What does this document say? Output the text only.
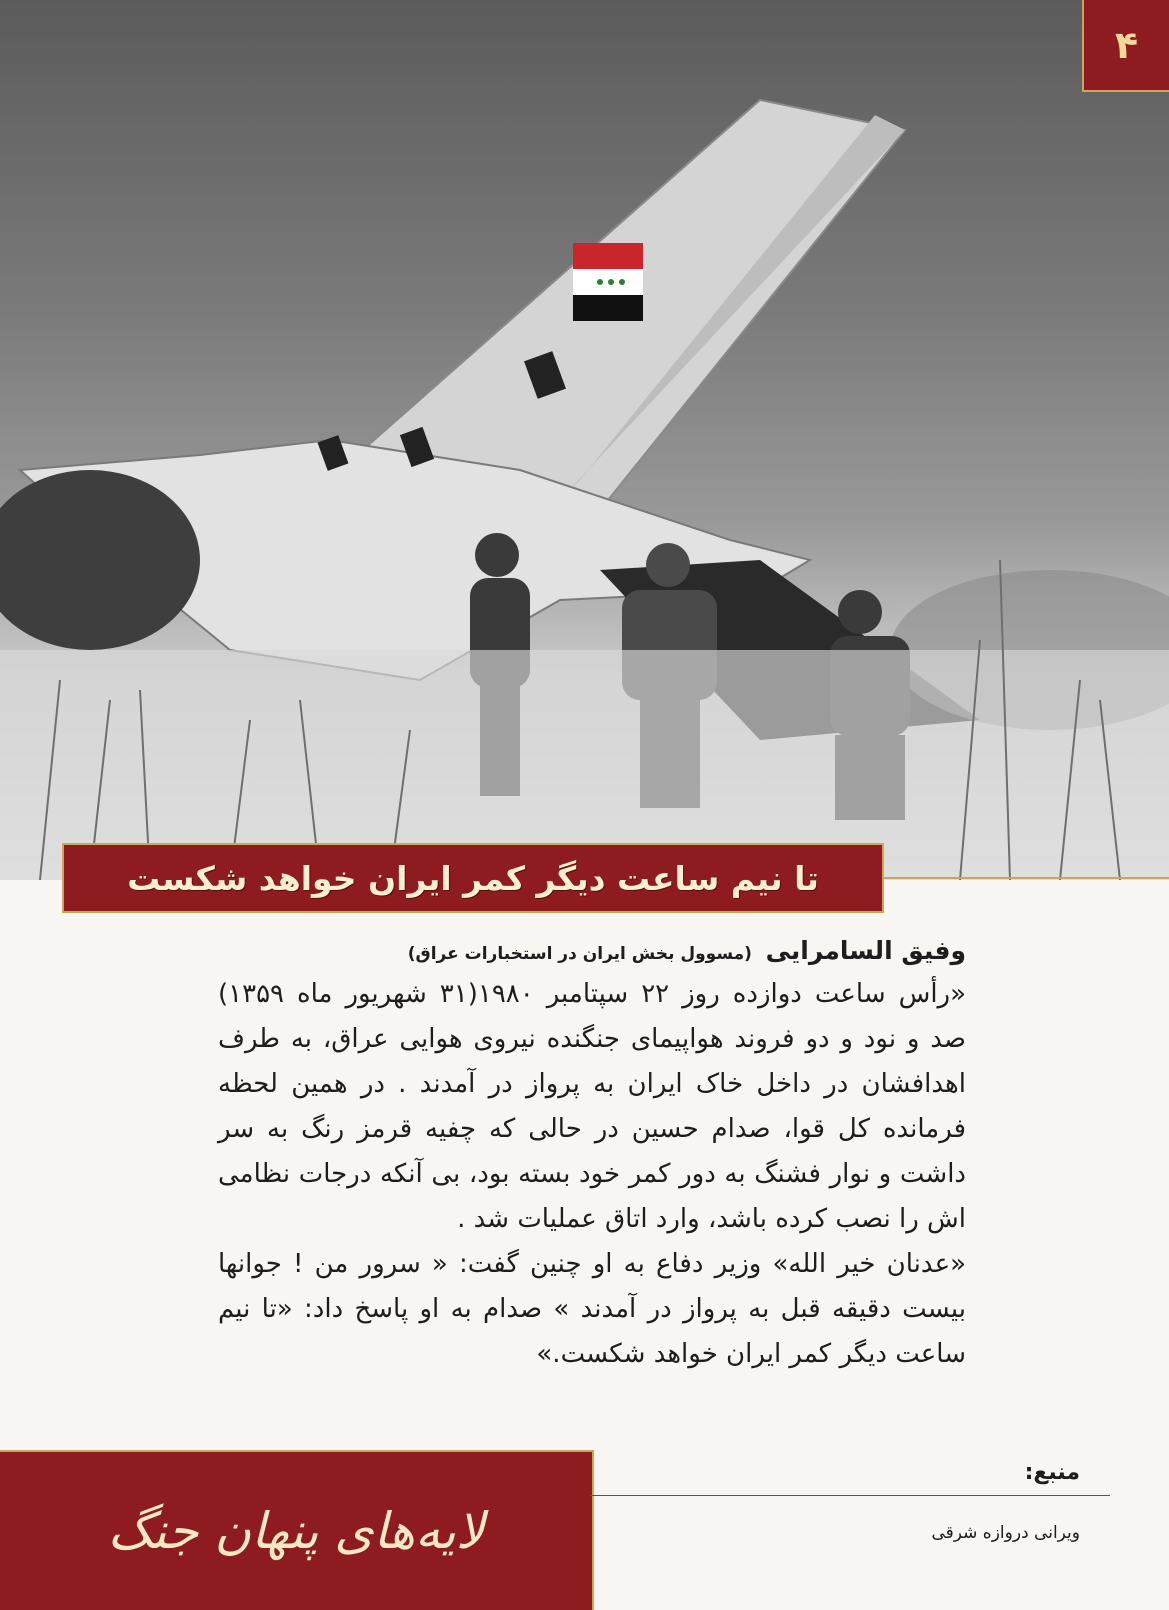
۴
تا نیم ساعت دیگر کمر ایران خواهد شکست
وفیق السامرایی (مسوول بخش ایران در استخبارات عراق)

«رأس ساعت دوازده روز ۲۲ سپتامبر ۱۹۸۰(۳۱ شهریور ماه ۱۳۵۹) صد و نود و دو فروند هواپیمای جنگنده نیروی هوایی عراق، به طرف اهدافشان در داخل خاک ایران به پرواز در آمدند . در همین لحظه فرمانده کل قوا، صدام حسین در حالی که چفیه قرمز رنگ به سر داشت و نوار فشنگ به دور کمر خود بسته بود، بی آنکه درجات نظامی اش را نصب کرده باشد، وارد اتاق عملیات شد .

«عدنان خیر الله» وزیر دفاع به او چنین گفت: « سرور من ! جوانها بیست دقیقه قبل به پرواز در آمدند » صدام به او پاسخ داد: «تا نیم ساعت دیگر کمر ایران خواهد شکست.»

لایه‌های پنهان جنگ
منبع:
ویرانی دروازه شرقی
